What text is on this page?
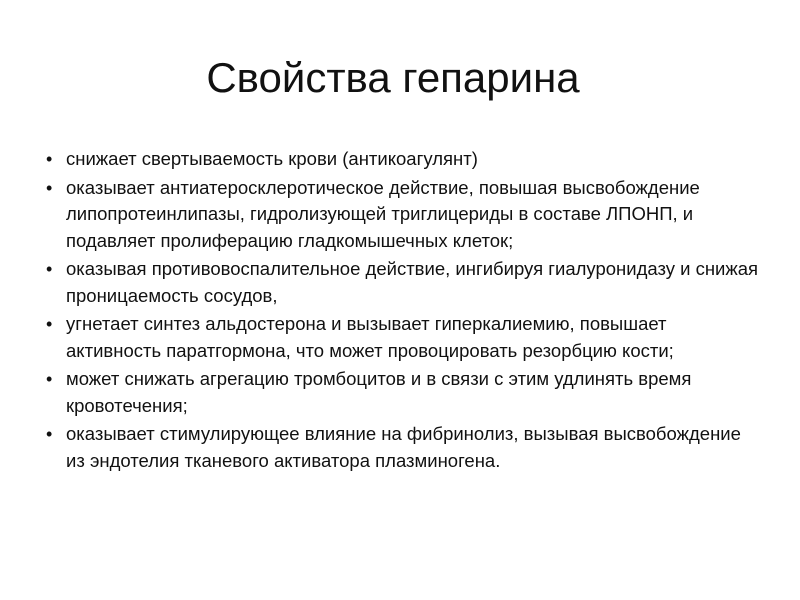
Свойства гепарина
• снижает свертываемость крови (антикоагулянт)
• оказывает антиатеросклеротическое действие, повышая высвобождение липопротеинлипазы, гидролизующей триглицериды в составе ЛПОНП, и подавляет пролиферацию гладкомышечных клеток;
• оказывая противовоспалительное действие, ингибируя гиалуронидазу и снижая проницаемость сосудов,
• угнетает синтез альдостерона и вызывает гиперкалиемию, повышает активность паратгормона, что может провоцировать резорбцию кости;
• может снижать агрегацию тромбоцитов и в связи с этим удлинять время кровотечения;
• оказывает стимулирующее влияние на фибринолиз, вызывая высвобождение из эндотелия тканевого активатора плазминогена.
